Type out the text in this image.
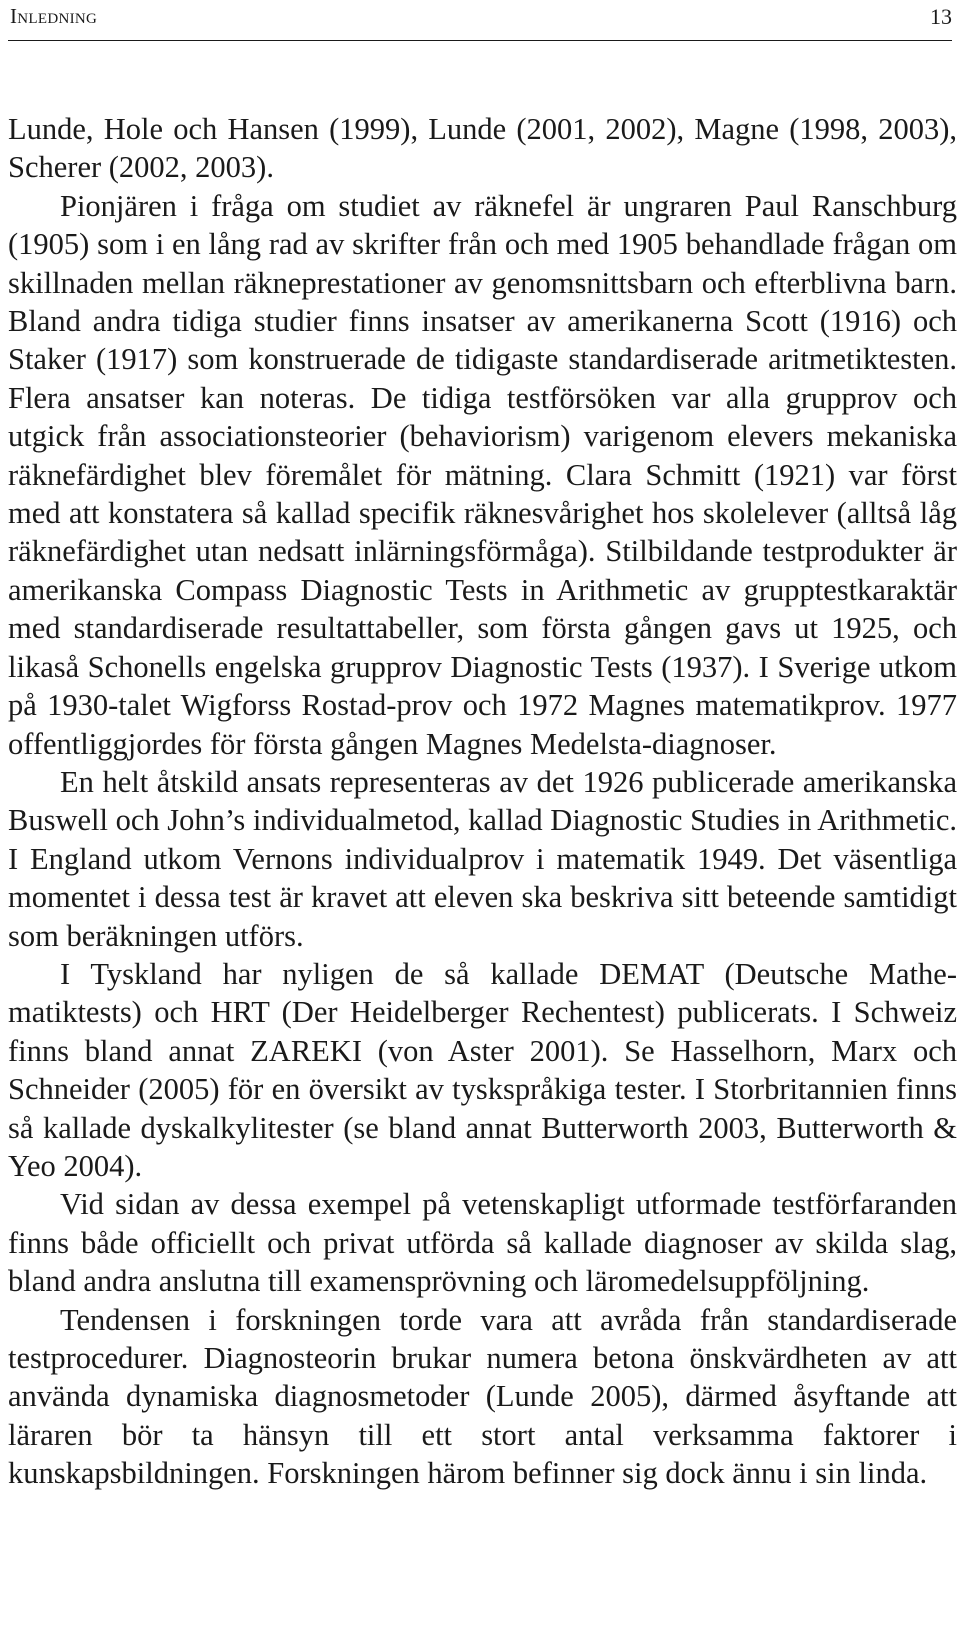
Inledning	13

Lunde, Hole och Hansen (1999), Lunde (2001, 2002), Magne (1998, 2003), Scherer (2002, 2003).

Pionjären i fråga om studiet av räknefel är ungraren Paul Ranschburg (1905) som i en lång rad av skrifter från och med 1905 behandlade frågan om skillnaden mellan räkneprestationer av genomsnittsbarn och efterblivna barn. Bland andra tidiga studier finns insatser av amerikanerna Scott (1916) och Staker (1917) som konstruerade de tidigaste standardiserade aritmetiktesten. Flera ansatser kan noteras. De tidiga testförsöken var alla grupprov och utgick från associationsteorier (behaviorism) varigenom elevers mekaniska räknefärdighet blev föremålet för mätning. Clara Schmitt (1921) var först med att konstatera så kallad specifik räknesvårighet hos skolelever (alltså låg räknefärdighet utan nedsatt inlärningsförmåga). Stilbildande testprodukter är amerikanska Compass Diagnostic Tests in Arithmetic av grupptestkaraktär med standardiserade resultattabeller, som första gången gavs ut 1925, och likaså Schonells engelska grupprov Diagnostic Tests (1937). I Sverige utkom på 1930-talet Wigforss Rostad-prov och 1972 Magnes matematikprov. 1977 offentliggjordes för första gången Magnes Medelsta-diagnoser.

En helt åtskild ansats representeras av det 1926 publicerade amerikanska Buswell och John’s individualmetod, kallad Diagnostic Studies in Arithmetic. I England utkom Vernons individualprov i matematik 1949. Det väsentliga momentet i dessa test är kravet att eleven ska beskriva sitt beteende samtidigt som beräkningen utförs.

I Tyskland har nyligen de så kallade DEMAT (Deutsche Mathematiktests) och HRT (Der Heidelberger Rechentest) publicerats. I Schweiz finns bland annat ZAREKI (von Aster 2001). Se Hasselhorn, Marx och Schneider (2005) för en översikt av tyskspråkiga tester. I Storbritannien finns så kallade dyskalkylitester (se bland annat Butterworth 2003, Butterworth & Yeo 2004).

Vid sidan av dessa exempel på vetenskapligt utformade testförfaranden finns både officiellt och privat utförda så kallade diagnoser av skilda slag, bland andra anslutna till examensprövning och läromedelsuppföljning.

Tendensen i forskningen torde vara att avråda från standardiserade testprocedurer. Diagnosteorin brukar numera betona önskvärdheten av att använda dynamiska diagnosmetoder (Lunde 2005), därmed åsyftande att läraren bör ta hänsyn till ett stort antal verksamma faktorer i kunskapsbildningen. Forskningen härom befinner sig dock ännu i sin linda.
